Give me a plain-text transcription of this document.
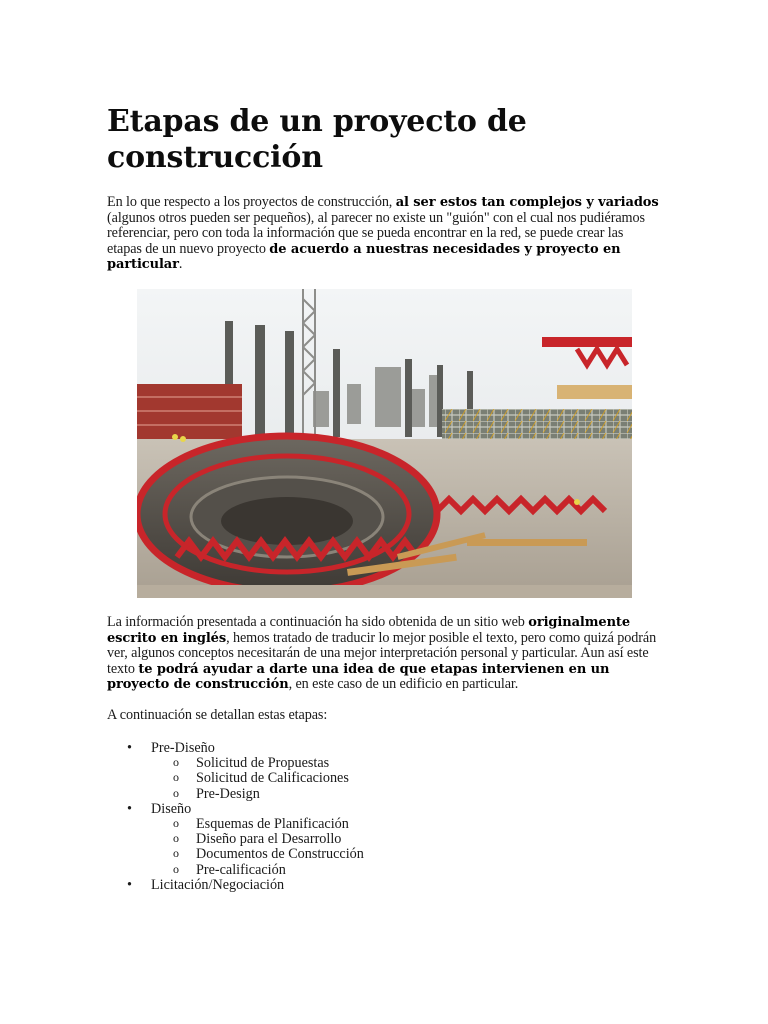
Etapas de un proyecto de construcción

En lo que respecto a los proyectos de construcción, al ser estos tan complejos y variados (algunos otros pueden ser pequeños), al parecer no existe un "guión" con el cual nos pudiéramos referenciar, pero con toda la información que se pueda encontrar en la red, se puede crear las etapas de un nuevo proyecto de acuerdo a nuestras necesidades y proyecto en particular.

La información presentada a continuación ha sido obtenida de un sitio web originalmente escrito en inglés, hemos tratado de traducir lo mejor posible el texto, pero como quizá podrán ver, algunos conceptos necesitarán de una mejor interpretación personal y particular. Aun así este texto te podrá ayudar a darte una idea de que etapas intervienen en un proyecto de construcción, en este caso de un edificio en particular.

A continuación se detallan estas etapas:

• Pre-Diseño
o Solicitud de Propuestas
o Solicitud de Calificaciones
o Pre-Design
• Diseño
o Esquemas de Planificación
o Diseño para el Desarrollo
o Documentos de Construcción
o Pre-calificación
• Licitación/Negociación
